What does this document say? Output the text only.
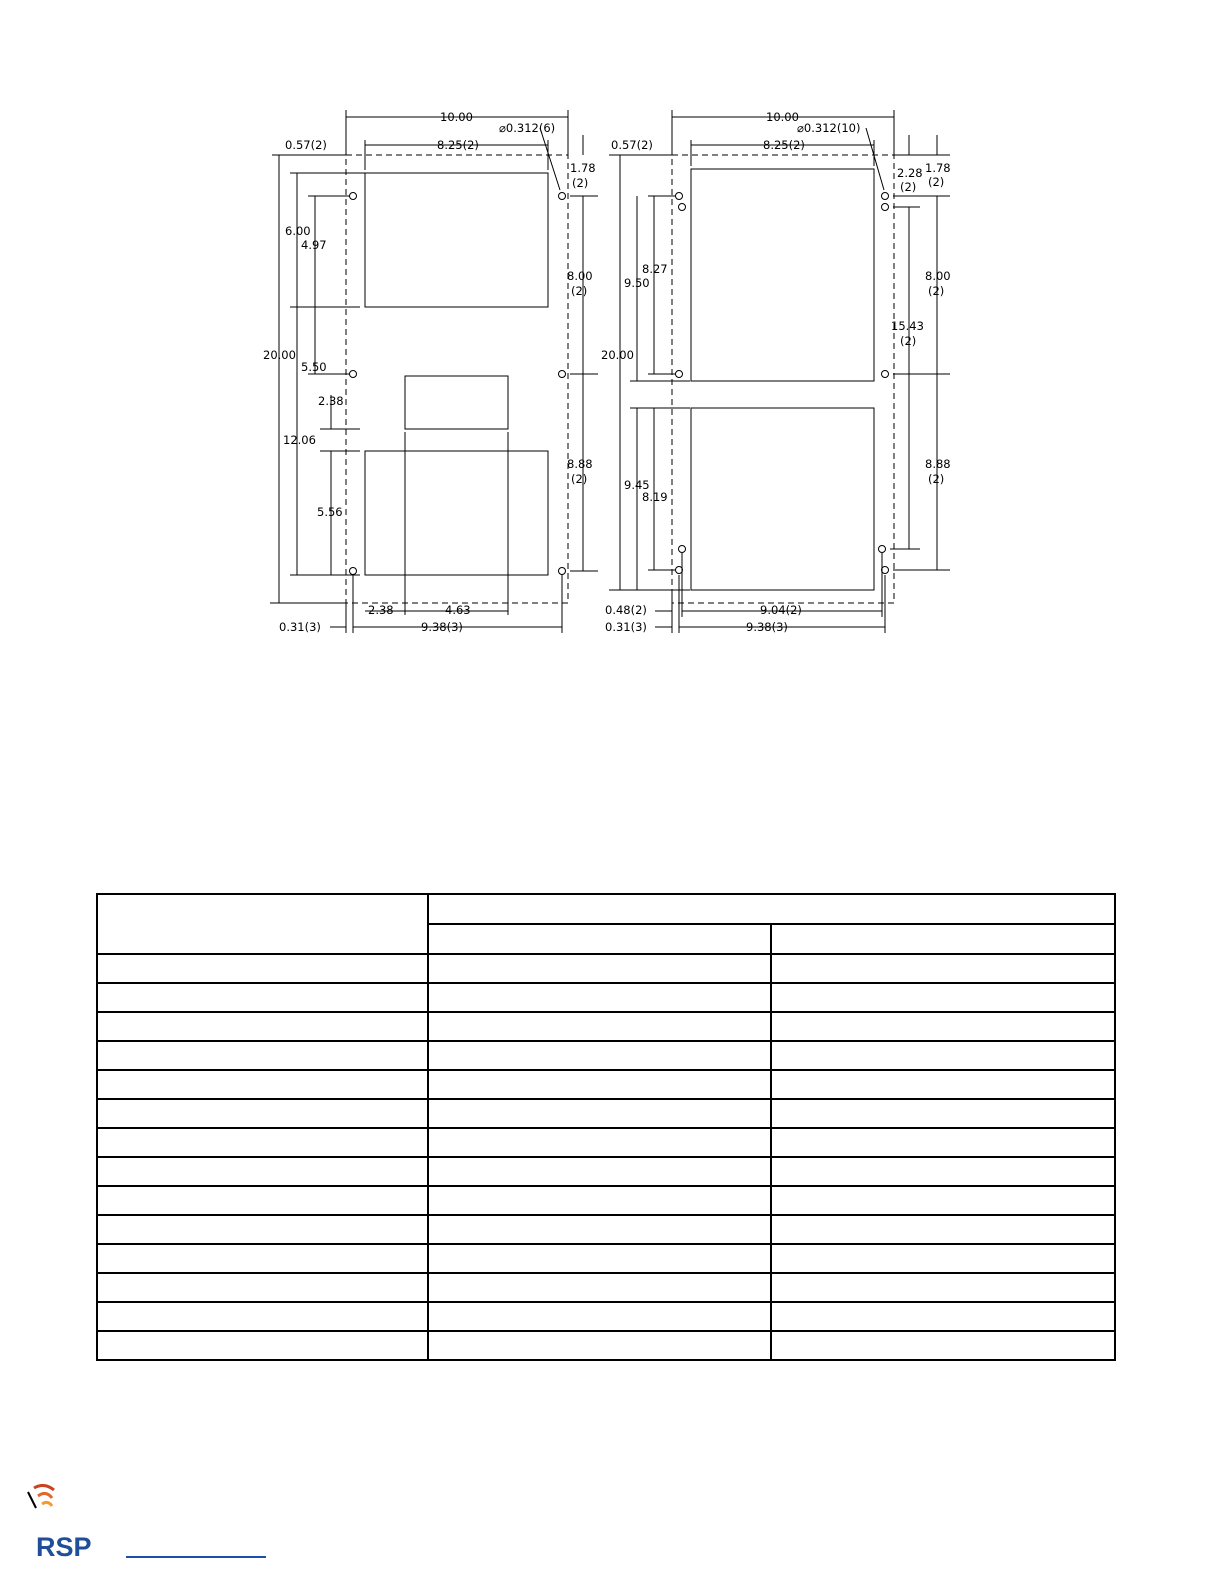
10.00
8.25(2)
⌀0.312(6)
0.57(2)
1.78
(2)
6.00
4.97
8.00
(2)
20.00
5.50
2.38
12.06
8.88
(2)
5.56
2.38	4.63
0.31(3)	9.38(3)
10.00
8.25(2)
⌀0.312(10)
0.57(2)
2.28
(2)
1.78
(2)
8.27
9.50	8.00
(2)
15.43
(2)
20.00
8.88
(2)
9.45
8.19
0.48(2)	9.04(2)
0.31(3)	9.38(3)

RSP
